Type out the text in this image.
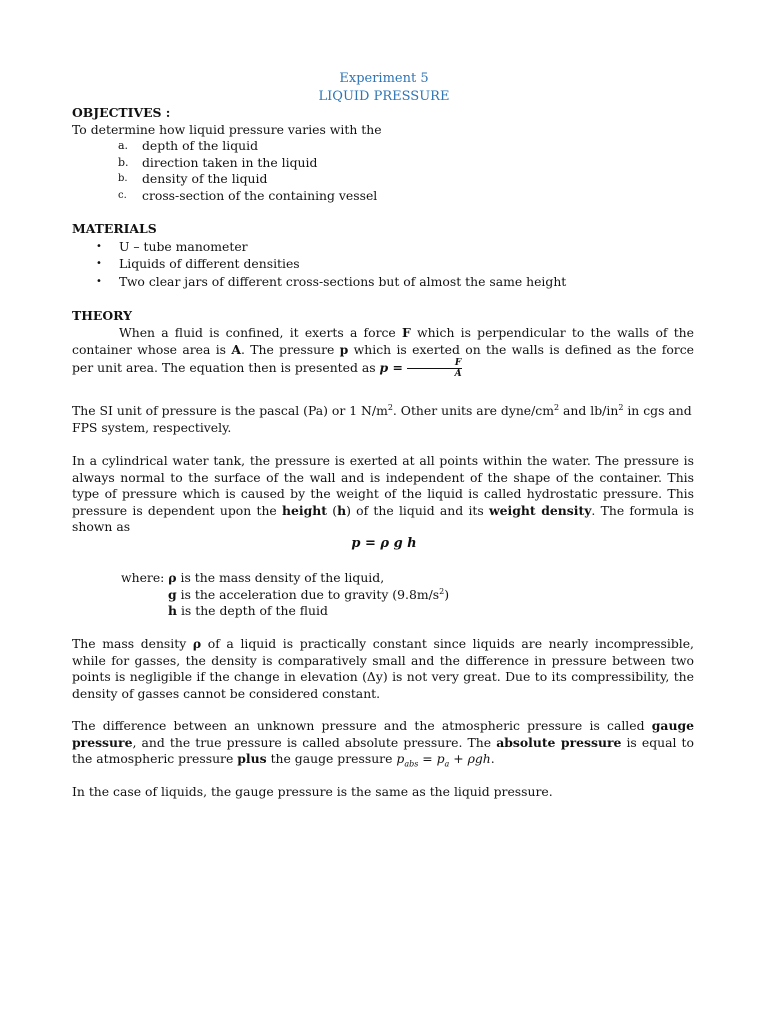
Experiment 5
LIQUID PRESSURE
OBJECTIVES :
To determine how liquid pressure varies with the
a. depth of the liquid
b. direction taken in the liquid
b. density of the liquid
c. cross-section of the containing vessel
MATERIALS
• U – tube manometer
• Liquids of different densities
• Two clear jars of different cross-sections but of almost the same height
THEORY
When a fluid is confined, it exerts a force F which is perpendicular to the walls of the container whose area is A. The pressure p which is exerted on the walls is defined as the force per unit area. The equation then is presented as $p = \frac{F}{A}$
The SI unit of pressure is the pascal (Pa) or 1 $N/m^2$. Other units are dyne/$cm^2$ and $lb/in^2$ in cgs and FPS system, respectively.
In a cylindrical water tank, the pressure is exerted at all points within the water. The pressure is always normal to the surface of the wall and is independent of the shape of the container. This type of pressure which is caused by the weight of the liquid is called hydrostatic pressure. This pressure is dependent upon the height (h) of the liquid and its weight density. The formula is shown as
p = ρ g h
where: ρ is the mass density of the liquid,
g is the acceleration due to gravity $(9.8m/s^2)$
h is the depth of the fluid
The mass density ρ of a liquid is practically constant since liquids are nearly incompressible, while for gasses, the density is comparatively small and the difference in pressure between two points is negligible if the change in elevation (Δy) is not very great. Due to its compressibility, the density of gasses cannot be considered constant.
The difference between an unknown pressure and the atmospheric pressure is called gauge pressure, and the true pressure is called absolute pressure. The absolute pressure is equal to the atmospheric pressure plus the gauge pressure $p_{abs} = p_a + \rho gh$.
In the case of liquids, the gauge pressure is the same as the liquid pressure.
